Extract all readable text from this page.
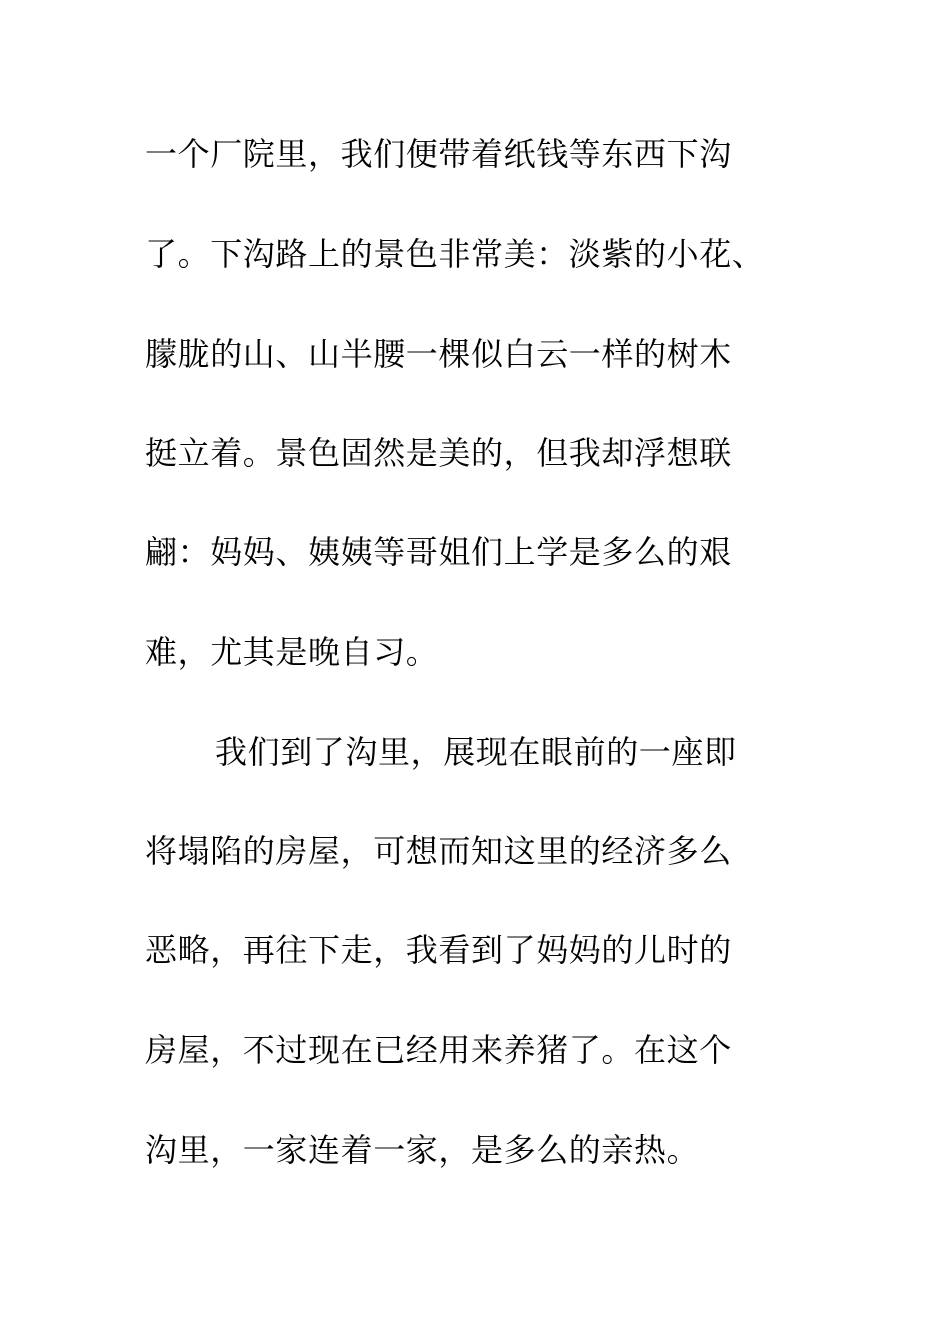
一个厂院里，我们便带着纸钱等东西下沟
了。下沟路上的景色非常美：淡紫的小花、
朦胧的山、山半腰一棵似白云一样的树木
挺立着。景色固然是美的，但我却浮想联
翩：妈妈、姨姨等哥姐们上学是多么的艰
难，尤其是晚自习。
我们到了沟里，展现在眼前的一座即
将塌陷的房屋，可想而知这里的经济多么
恶略，再往下走，我看到了妈妈的儿时的
房屋，不过现在已经用来养猪了。在这个
沟里，一家连着一家，是多么的亲热。
